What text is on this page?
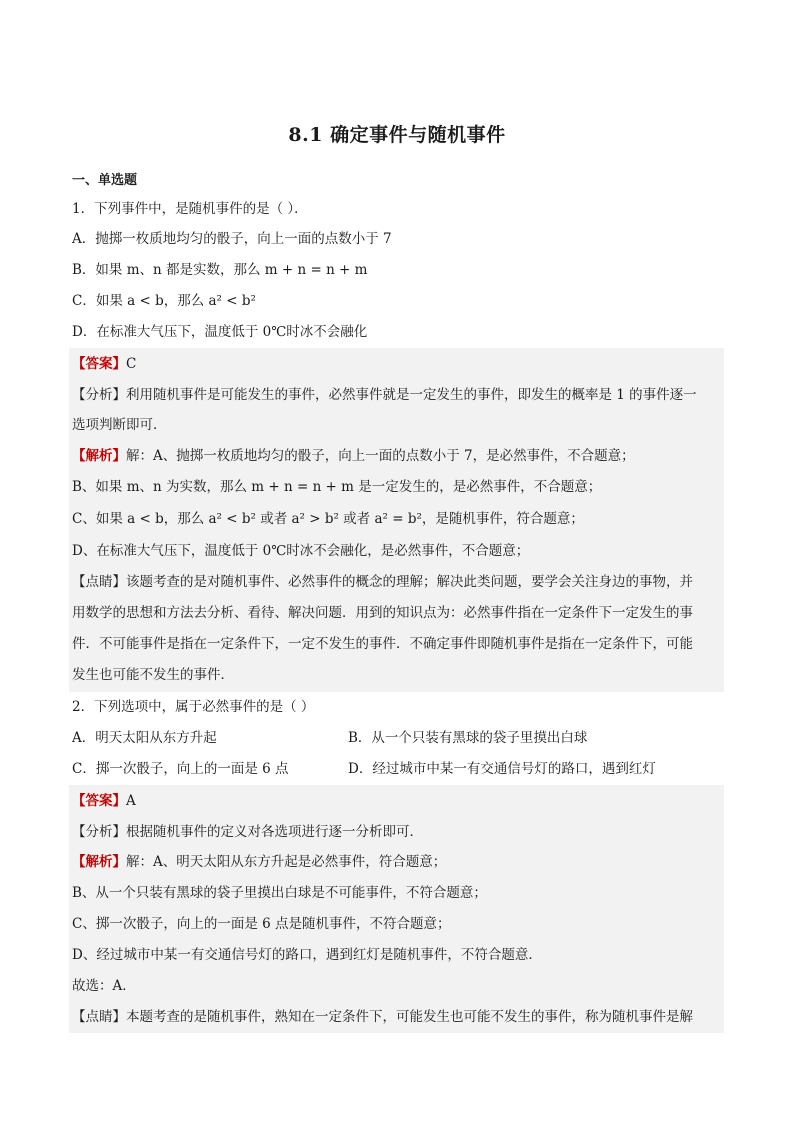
8.1 确定事件与随机事件
一、单选题
1．下列事件中，是随机事件的是（ ）．
A．抛掷一枚质地均匀的骰子，向上一面的点数小于 7
B．如果 m、n 都是实数，那么 m + n = n + m
C．如果 a < b，那么 a² < b²
D．在标准大气压下，温度低于 0℃时冰不会融化
【答案】C
【分析】利用随机事件是可能发生的事件，必然事件就是一定发生的事件，即发生的概率是 1 的事件逐一
选项判断即可．
【解析】解：A、抛掷一枚质地均匀的骰子，向上一面的点数小于 7，是必然事件，不合题意；
B、如果 m、n 为实数，那么 m + n = n + m 是一定发生的，是必然事件，不合题意；
C、如果 a < b，那么 a² < b² 或者 a² > b² 或者 a² = b²，是随机事件，符合题意；
D、在标准大气压下，温度低于 0℃时冰不会融化，是必然事件，不合题意；
【点睛】该题考查的是对随机事件、必然事件的概念的理解；解决此类问题，要学会关注身边的事物，并
用数学的思想和方法去分析、看待、解决问题．用到的知识点为：必然事件指在一定条件下一定发生的事
件．不可能事件是指在一定条件下，一定不发生的事件．不确定事件即随机事件是指在一定条件下，可能
发生也可能不发生的事件．
2．下列选项中，属于必然事件的是（ ）
A．明天太阳从东方升起	B．从一个只装有黑球的袋子里摸出白球
C．掷一次骰子，向上的一面是 6 点	D．经过城市中某一有交通信号灯的路口，遇到红灯
【答案】A
【分析】根据随机事件的定义对各选项进行逐一分析即可．
【解析】解：A、明天太阳从东方升起是必然事件，符合题意；
B、从一个只装有黑球的袋子里摸出白球是不可能事件，不符合题意；
C、掷一次骰子，向上的一面是 6 点是随机事件，不符合题意；
D、经过城市中某一有交通信号灯的路口，遇到红灯是随机事件，不符合题意．
故选：A．
【点睛】本题考查的是随机事件，熟知在一定条件下，可能发生也可能不发生的事件，称为随机事件是解
